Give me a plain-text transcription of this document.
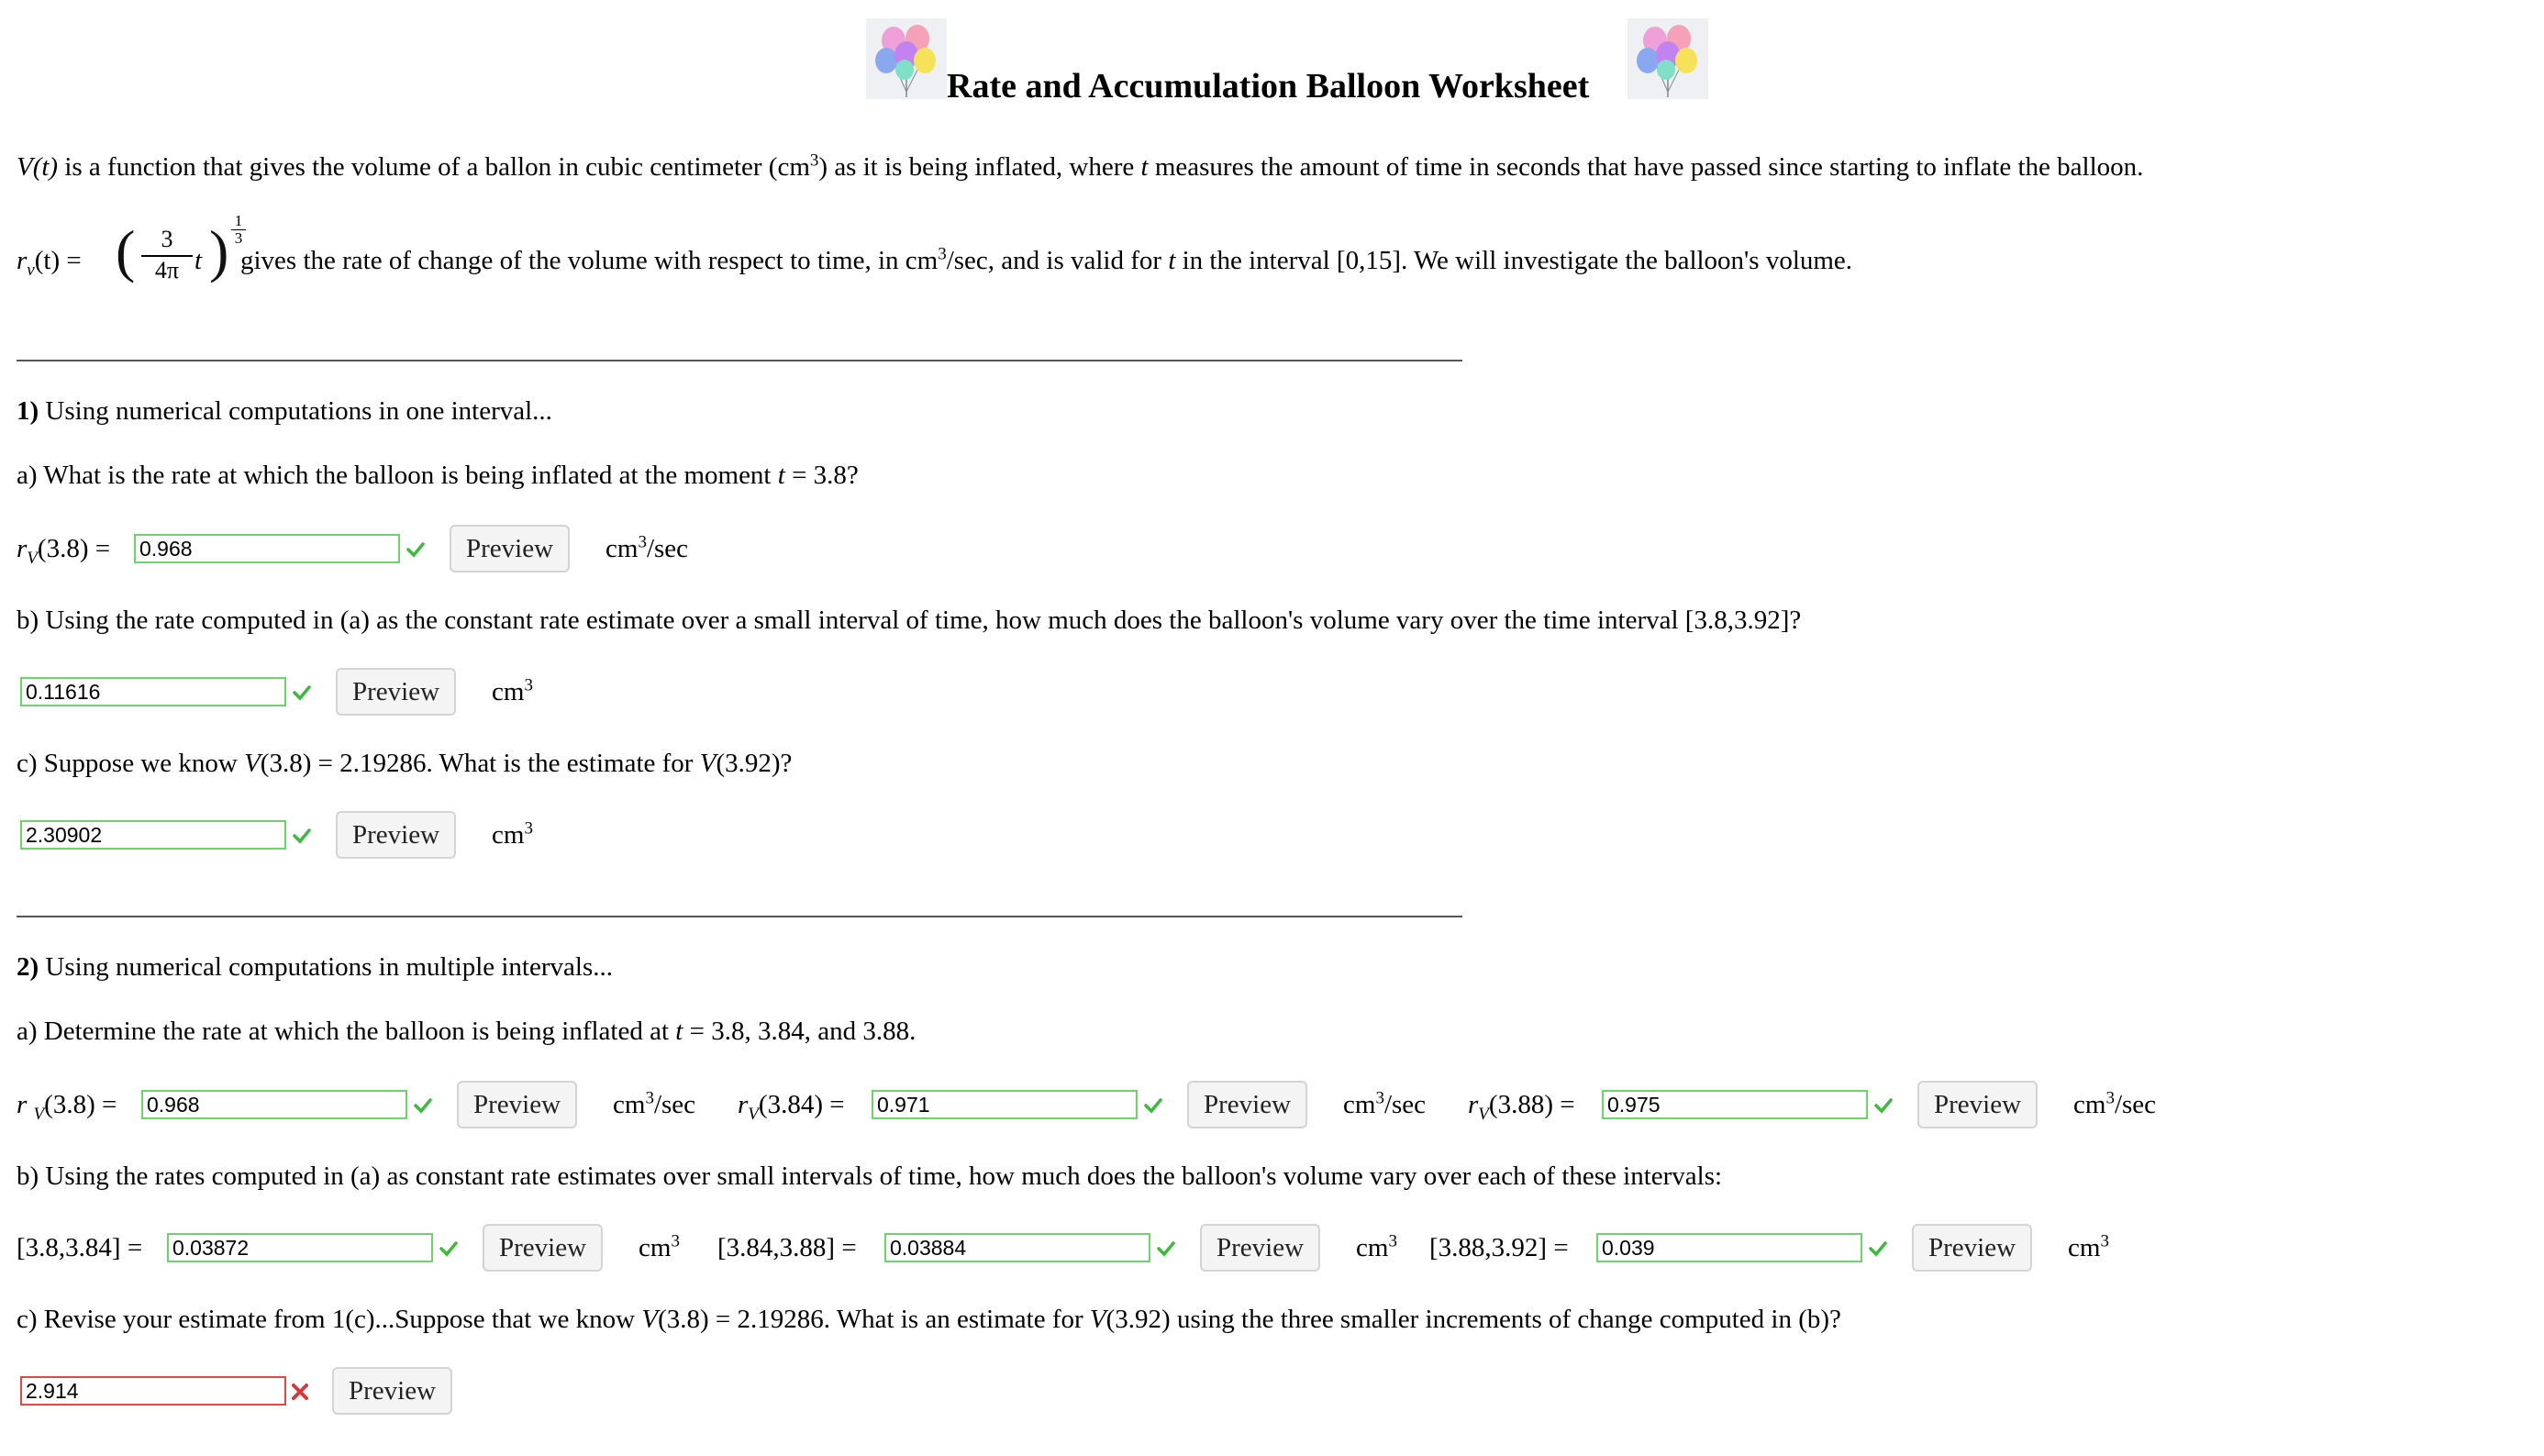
Rate and Accumulation Balloon Worksheet
V(t) is a function that gives the volume of a ballon in cubic centimeter $(cm^3)$ as it is being inflated, where t measures the amount of time in seconds that have passed since starting to inflate the balloon.
$r_v(t)$ = ( $\frac{3}{4\pi}$ t ) 1
3
gives the rate of change of the volume with respect to time, in $cm^3/\sec$, and is valid for t in the interval [0,15]. We will investigate the balloon's volume.
1) Using numerical computations in one interval...
a) What is the rate at which the balloon is being inflated at the moment t = 3.8?
$r_V(3.8)$ =
0.968	Preview	$cm^3/\sec$
b) Using the rate computed in (a) as the constant rate estimate over a small interval of time, how much does the balloon's volume vary over the time interval [3.8,3.92]?
0.11616
Preview	$cm^3$
c) Suppose we know V(3.8) = 2.19286. What is the estimate for V(3.92)?
2.30902
Preview	$cm^3$
2) Using numerical computations in multiple intervals...
a) Determine the rate at which the balloon is being inflated at t = 3.8, 3.84, and 3.88.
r $_V$(3.8) =
0.968	Preview	$cm^3/\sec$ $r_V(3.84)$ =
0.971	Preview	$cm^3/\sec$ $r_V(3.88)$ =
0.975	Preview	$cm^3/\sec$
b) Using the rates computed in (a) as constant rate estimates over small intervals of time, how much does the balloon's volume vary over each of these intervals:
[3.8,3.84] =
0.03872	Preview	$cm^3$ [3.84,3.88] =
0.03884	Preview	$cm^3$ [3.88,3.92] =
0.039	Preview	$cm^3$
c) Revise your estimate from 1(c)...Suppose that we know V(3.8) = 2.19286. What is an estimate for V(3.92) using the three smaller increments of change computed in (b)?
2.914
Preview
